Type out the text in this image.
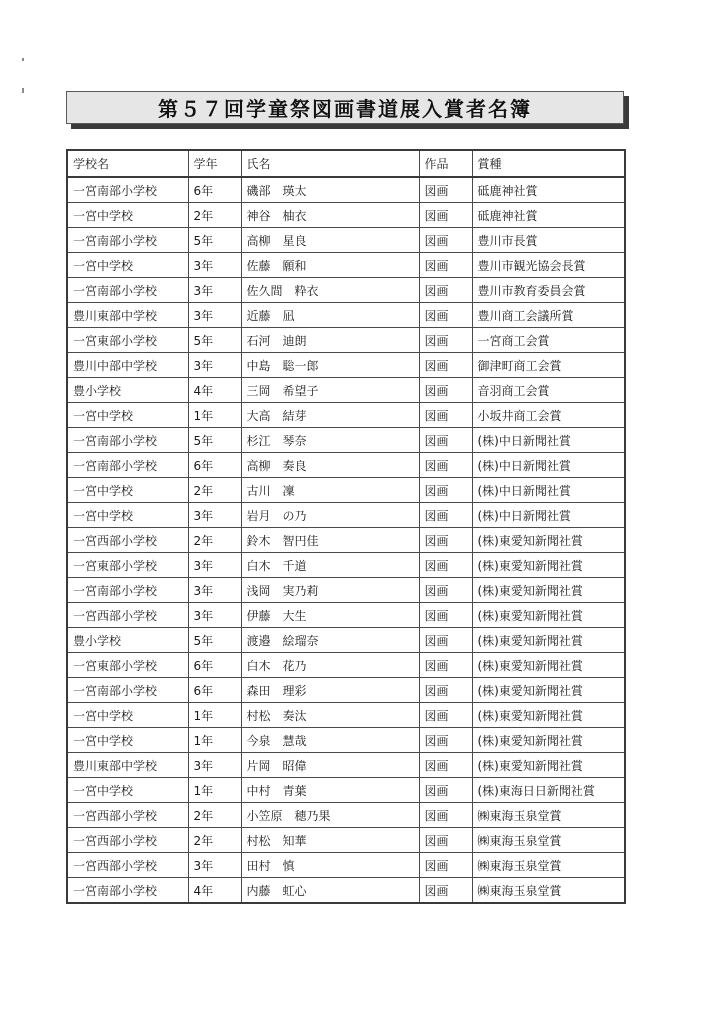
第５７回学童祭図画書道展入賞者名簿
学校名	学年	氏名	作品	賞種
一宮南部小学校	6年	磯部　瑛太	図画	砥鹿神社賞
一宮中学校	2年	神谷　柚衣	図画	砥鹿神社賞
一宮南部小学校	5年	高柳　星良	図画	豊川市長賞
一宮中学校	3年	佐藤　願和	図画	豊川市観光協会長賞
一宮南部小学校	3年	佐久間　粋衣	図画	豊川市教育委員会賞
豊川東部中学校	3年	近藤　凪	図画	豊川商工会議所賞
一宮東部小学校	5年	石河　迪朗	図画	一宮商工会賞
豊川中部中学校	3年	中島　聡一郎	図画	御津町商工会賞
豊小学校	4年	三岡　希望子	図画	音羽商工会賞
一宮中学校	1年	大高　結芽	図画	小坂井商工会賞
一宮南部小学校	5年	杉江　琴奈	図画	(株)中日新聞社賞
一宮南部小学校	6年	高柳　奏良	図画	(株)中日新聞社賞
一宮中学校	2年	古川　凜	図画	(株)中日新聞社賞
一宮中学校	3年	岩月　の乃	図画	(株)中日新聞社賞
一宮西部小学校	2年	鈴木　智円佳	図画	(株)東愛知新聞社賞
一宮東部小学校	3年	白木　千道	図画	(株)東愛知新聞社賞
一宮南部小学校	3年	浅岡　実乃莉	図画	(株)東愛知新聞社賞
一宮西部小学校	3年	伊藤　大生	図画	(株)東愛知新聞社賞
豊小学校	5年	渡邉　絵瑠奈	図画	(株)東愛知新聞社賞
一宮東部小学校	6年	白木　花乃	図画	(株)東愛知新聞社賞
一宮南部小学校	6年	森田　理彩	図画	(株)東愛知新聞社賞
一宮中学校	1年	村松　奏汰	図画	(株)東愛知新聞社賞
一宮中学校	1年	今泉　慧哉	図画	(株)東愛知新聞社賞
豊川東部中学校	3年	片岡　昭偉	図画	(株)東愛知新聞社賞
一宮中学校	1年	中村　青葉	図画	(株)東海日日新聞社賞
一宮西部小学校	2年	小笠原　穂乃果	図画	㈱東海玉泉堂賞
一宮西部小学校	2年	村松　知華	図画	㈱東海玉泉堂賞
一宮西部小学校	3年	田村　慎	図画	㈱東海玉泉堂賞
一宮南部小学校	4年	内藤　虹心	図画	㈱東海玉泉堂賞
